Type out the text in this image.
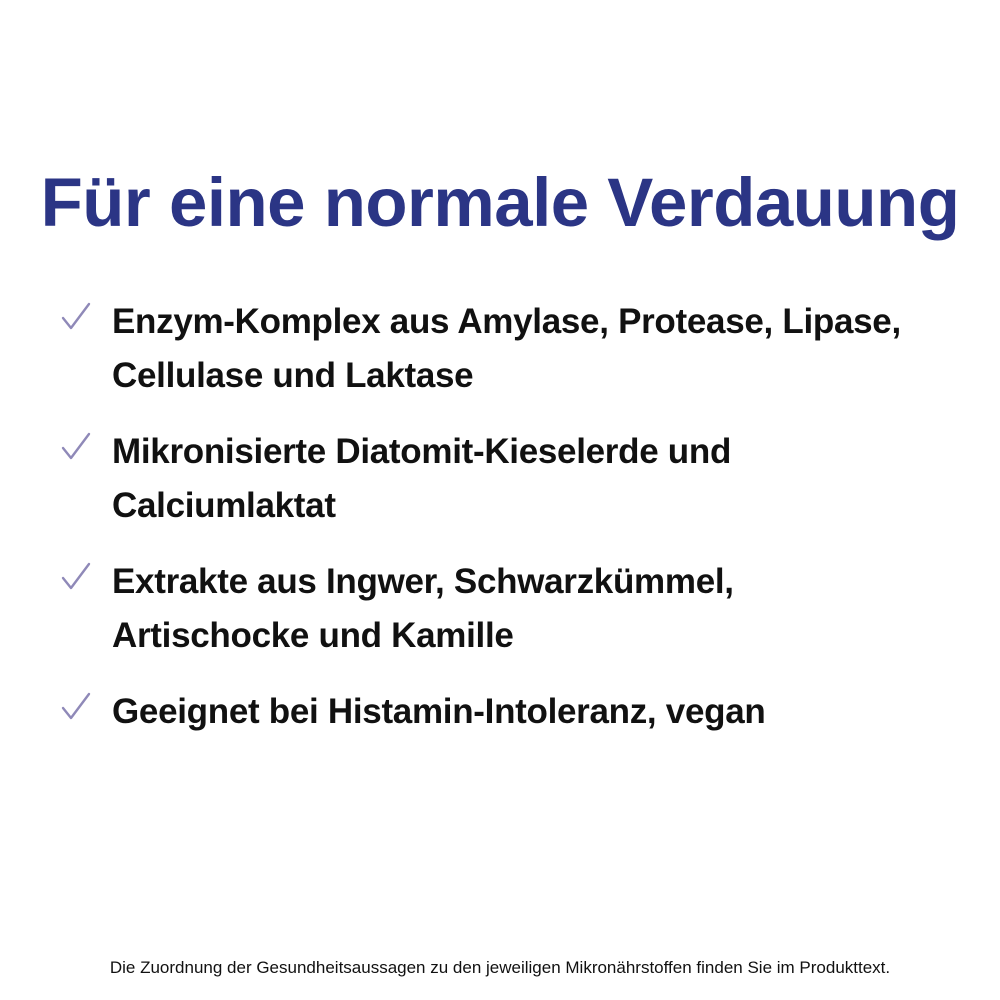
Für eine normale Verdauung
Enzym-Komplex aus Amylase, Protease, Lipase,
Cellulase und Laktase
Mikronisierte Diatomit-Kieselerde und
Calciumlaktat
Extrakte aus Ingwer, Schwarzkümmel,
Artischocke und Kamille
Geeignet bei Histamin-Intoleranz, vegan
Die Zuordnung der Gesundheitsaussagen zu den jeweiligen Mikronährstoffen finden Sie im Produkttext.
